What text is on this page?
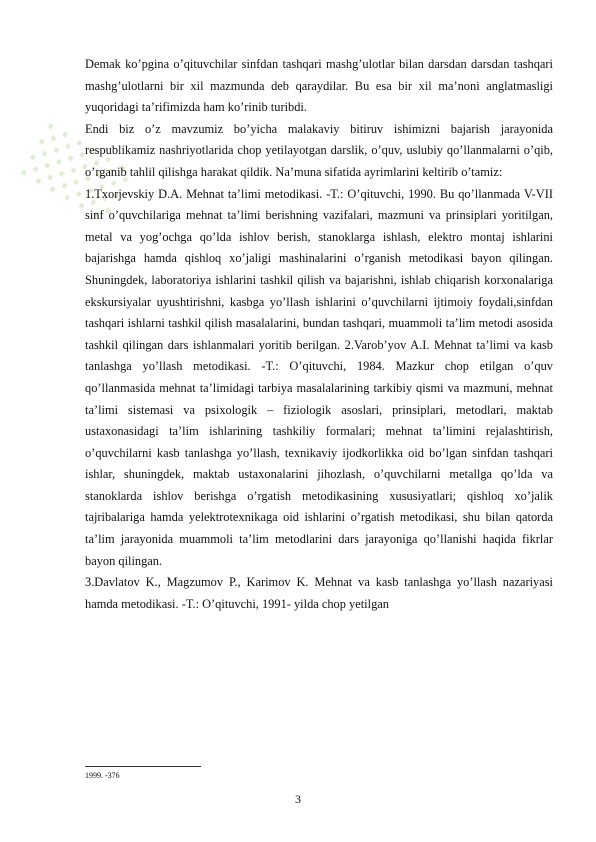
░

Demak ko’pgina o’qituvchilar sinfdan tashqari mashg’ulotlar bilan darsdan darsdan tashqari mashg’ulotlarni bir xil mazmunda deb qaraydilar. Bu esa bir xil ma’noni anglatmasligi yuqoridagi ta’rifimizda ham ko’rinib turibdi.

Endi biz o’z mavzumiz bo’yicha malakaviy bitiruv ishimizni bajarish jarayonida respublikamiz nashriyotlarida chop yetilayotgan darslik, o’quv, uslubiy qo’llanmalarni o’qib, o’rganib tahlil qilishga harakat qildik. Na’muna sifatida ayrimlarini keltirib o’tamiz:

1.Txorjevskiy D.A. Mehnat ta’limi metodikasi. -T.: O’qituvchi, 1990. Bu qo’llanmada V-VII sinf o’quvchilariga mehnat ta’limi berishning vazifalari, mazmuni va prinsiplari yoritilgan, metal va yog’ochga qo’lda ishlov berish, stanoklarga ishlash, elektro montaj ishlarini bajarishga hamda qishloq xo’jaligi mashinalarini o’rganish metodikasi bayon qilingan. Shuningdek, laboratoriya ishlarini tashkil qilish va bajarishni, ishlab chiqarish korxonalariga ekskursiyalar uyushtirishni, kasbga yo’llash ishlarini o’quvchilarni ijtimoiy foydali,sinfdan tashqari ishlarni tashkil qilish masalalarini, bundan tashqari, muammoli ta’lim metodi asosida tashkil qilingan dars ishlanmalari yoritib berilgan. 2.Varob’yov A.I. Mehnat ta’limi va kasb tanlashga yo’llash metodikasi. -T.: O’qituvchi, 1984. Mazkur chop etilgan o’quv qo’llanmasida mehnat ta’limidagi tarbiya masalalarining tarkibiy qismi va mazmuni, mehnat ta’limi sistemasi va psixologik – fiziologik asoslari, prinsiplari, metodlari, maktab ustaxonasidagi ta’lim ishlarining tashkiliy formalari; mehnat ta’limini rejalashtirish, o’quvchilarni kasb tanlashga yo’llash, texnikaviy ijodkorlikka oid bo’lgan sinfdan tashqari ishlar, shuningdek, maktab ustaxonalarini jihozlash, o’quvchilarni metallga qo’lda va stanoklarda ishlov berishga o’rgatish metodikasining xususiyatlari; qishloq xo’jalik tajribalariga hamda yelektrotexnikaga oid ishlarini o’rgatish metodikasi, shu bilan qatorda ta’lim jarayonida muammoli ta’lim metodlarini dars jarayoniga qo’llanishi haqida fikrlar bayon qilingan.

3.Davlatov K., Magzumov P., Karimov K. Mehnat va kasb tanlashga yo’llash nazariyasi hamda metodikasi. -T.: O’qituvchi, 1991- yilda chop yetilgan

1999. -376
3
